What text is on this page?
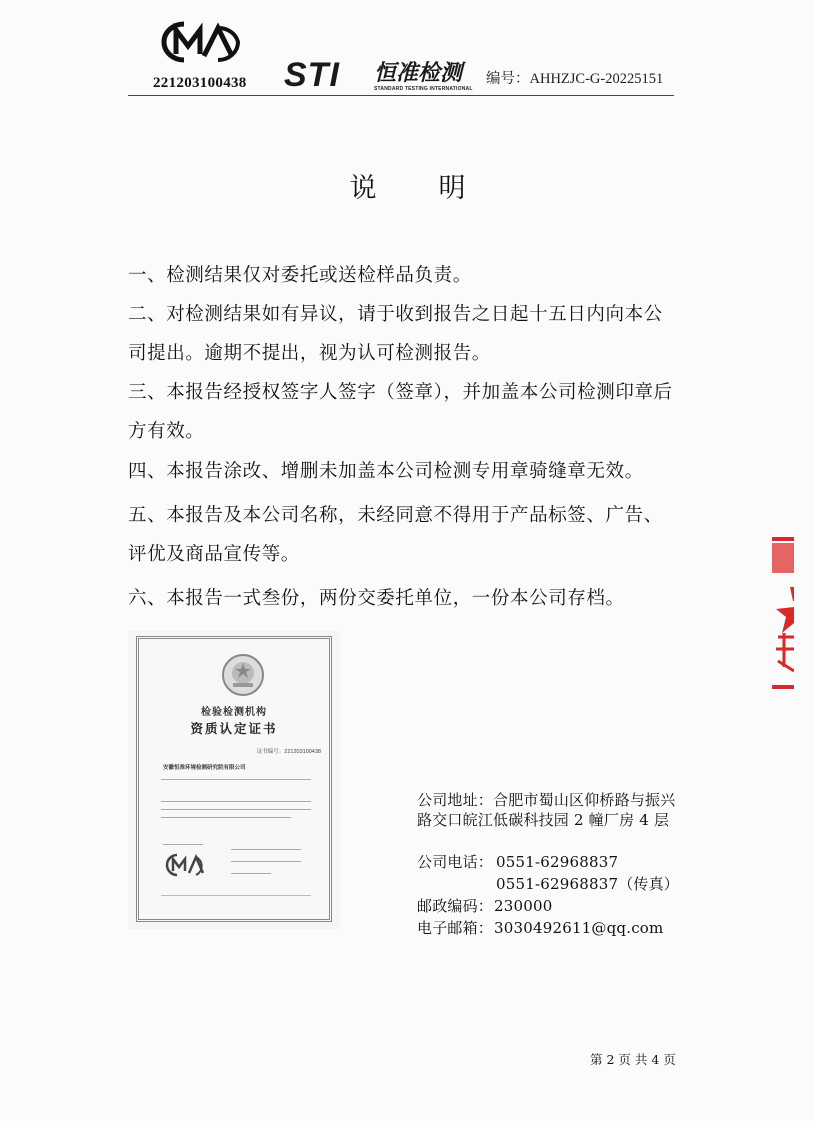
221203100438 STI 恒准检测
STANDARD TESTING INTERNATIONAL
编号：AHHZJC-G-20225151
说明
一、检测结果仅对委托或送检样品负责。
二、对检测结果如有异议，请于收到报告之日起十五日内向本公司提出。逾期不提出，视为认可检测报告。
三、本报告经授权签字人签字（签章），并加盖本公司检测印章后方有效。
四、本报告涂改、增删未加盖本公司检测专用章骑缝章无效。
五、本报告及本公司名称，未经同意不得用于产品标签、广告、评优及商品宣传等。
六、本报告一式叁份，两份交委托单位，一份本公司存档。
检验检测机构
资质认定证书
证书编号：221203100438
安徽恒准环境检测研究院有限公司
公司地址：合肥市蜀山区仰桥路与振兴路交口皖江低碳科技园 2 幢厂房 4 层
公司电话： 0551-62968837
0551-62968837（传真）
邮政编码： 230000
电子邮箱： 3030492611@qq.com
第 2 页 共 4 页
